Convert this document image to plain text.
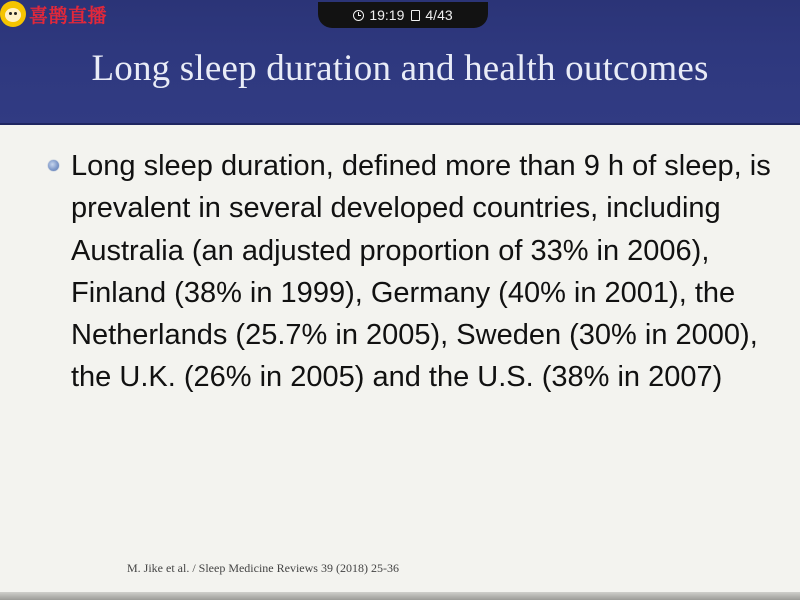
Long sleep duration and health outcomes
喜鹊直播	19:19 4/43

Long sleep duration, defined more than 9 h of sleep, is prevalent in several developed countries, including Australia (an adjusted proportion of 33% in 2006), Finland (38% in 1999), Germany (40% in 2001), the Netherlands (25.7% in 2005), Sweden (30% in 2000), the U.K. (26% in 2005) and the U.S. (38% in 2007)

M. Jike et al. / Sleep Medicine Reviews 39 (2018) 25-36
